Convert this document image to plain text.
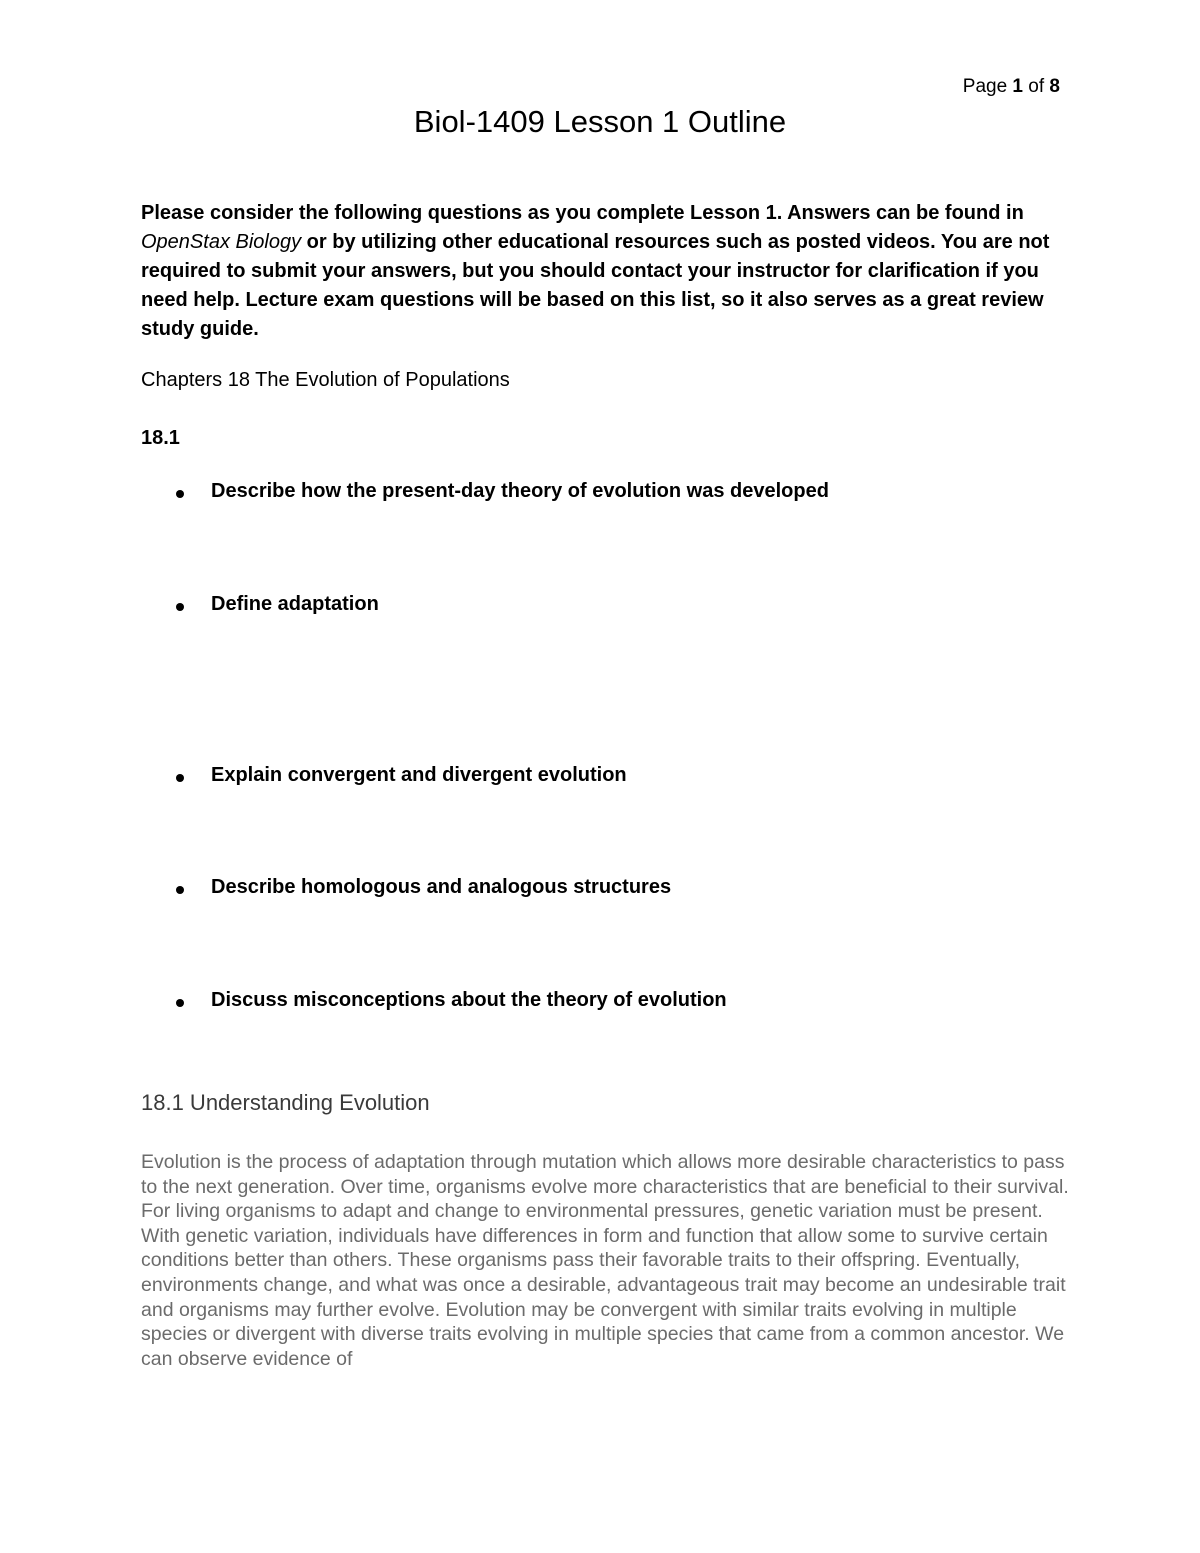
Page 1 of 8
Biol-1409 Lesson 1 Outline

Please consider the following questions as you complete Lesson 1. Answers can be found in OpenStax Biology or by utilizing other educational resources such as posted videos. You are not required to submit your answers, but you should contact your instructor for clarification if you need help. Lecture exam questions will be based on this list, so it also serves as a great review study guide.

Chapters 18 The Evolution of Populations

18.1

Describe how the present-day theory of evolution was developed
Define adaptation
Explain convergent and divergent evolution
Describe homologous and analogous structures
Discuss misconceptions about the theory of evolution
18.1 Understanding Evolution

Evolution is the process of adaptation through mutation which allows more desirable characteristics to pass to the next generation. Over time, organisms evolve more characteristics that are beneficial to their survival. For living organisms to adapt and change to environmental pressures, genetic variation must be present. With genetic variation, individuals have differences in form and function that allow some to survive certain conditions better than others. These organisms pass their favorable traits to their offspring. Eventually, environments change, and what was once a desirable, advantageous trait may become an undesirable trait and organisms may further evolve. Evolution may be convergent with similar traits evolving in multiple species or divergent with diverse traits evolving in multiple species that came from a common ancestor. We can observe evidence of
